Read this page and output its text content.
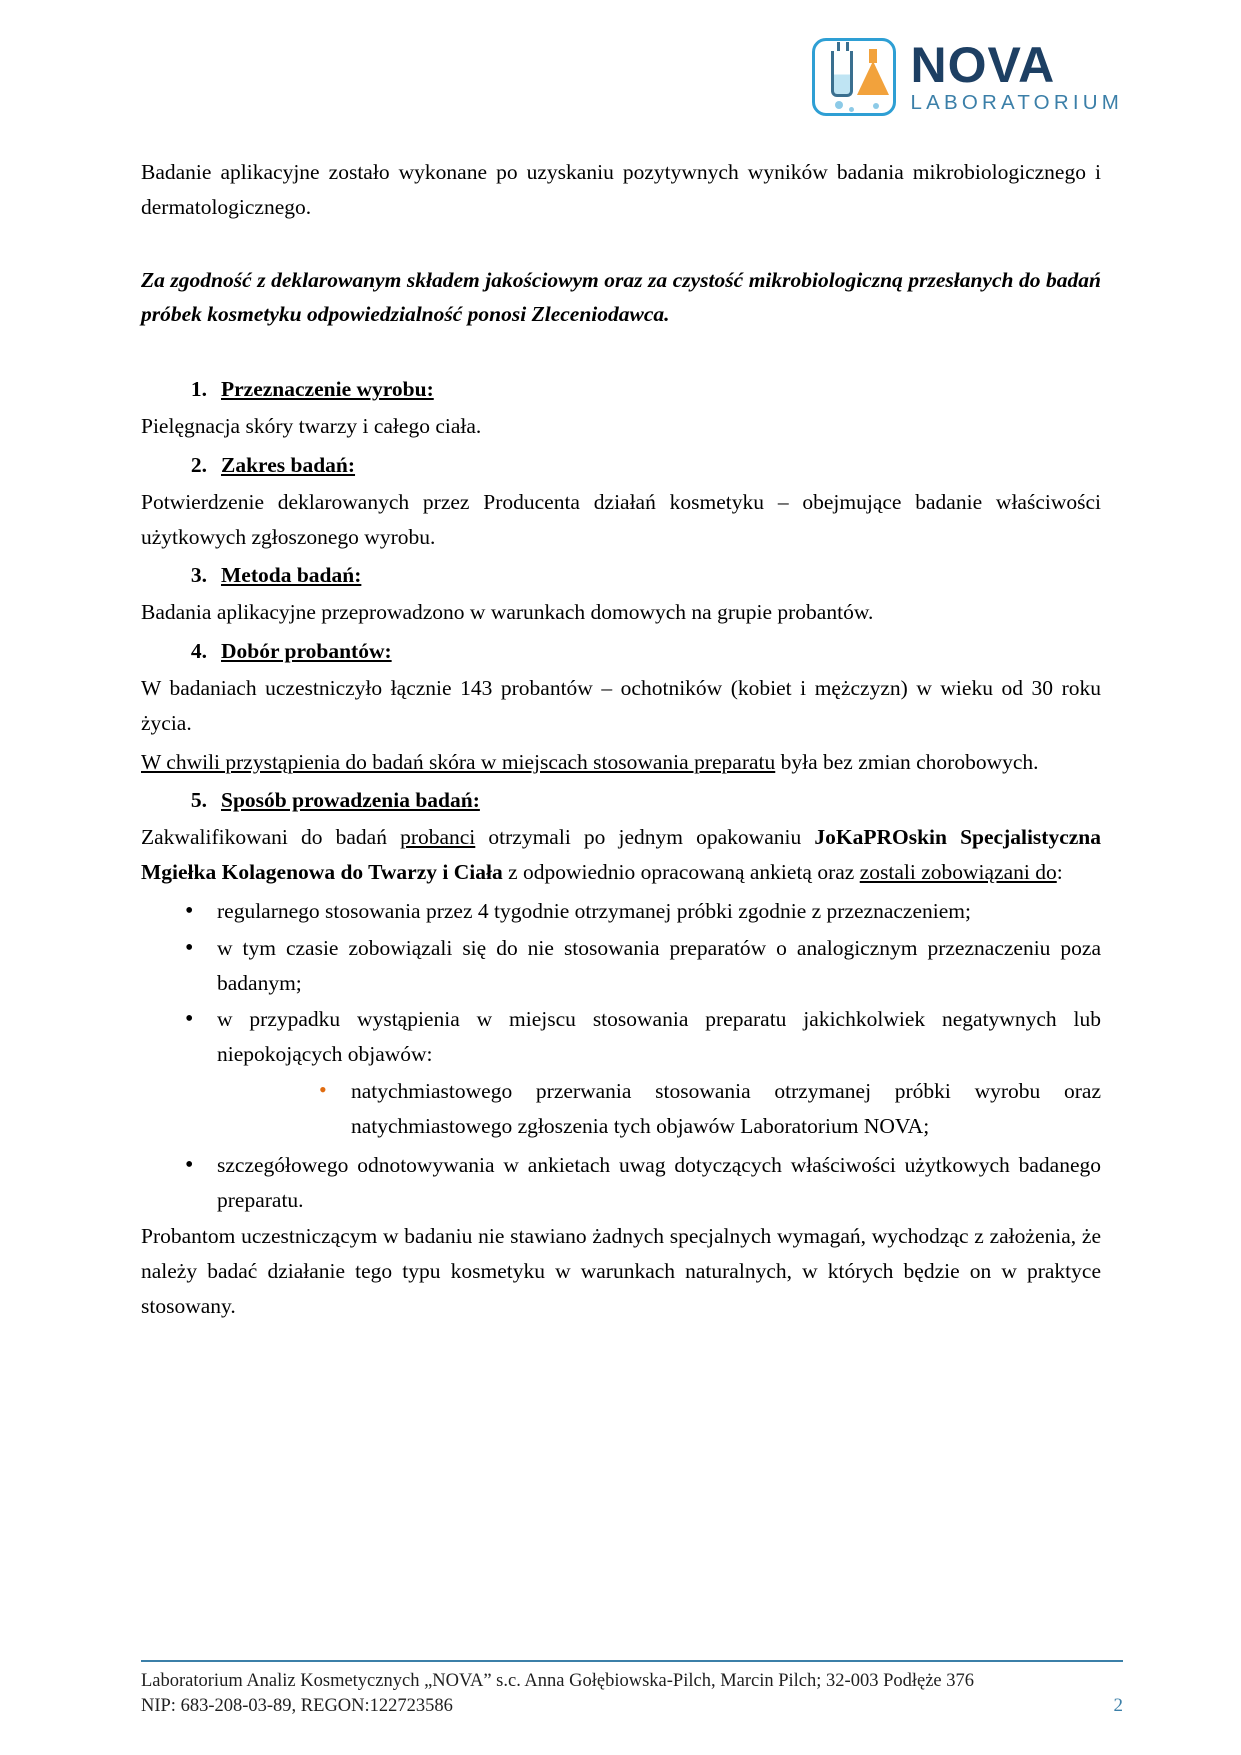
NOVA
LABORATORIUM

Badanie aplikacyjne zostało wykonane po uzyskaniu pozytywnych wyników badania mikrobiologicznego i dermatologicznego.

Za zgodność z deklarowanym składem jakościowym oraz za czystość mikrobiologiczną przesłanych do badań próbek kosmetyku odpowiedzialność ponosi Zleceniodawca.

1. Przeznaczenie wyrobu:

Pielęgnacja skóry twarzy i całego ciała.

2. Zakres badań:

Potwierdzenie deklarowanych przez Producenta działań kosmetyku – obejmujące badanie właściwości użytkowych zgłoszonego wyrobu.

3. Metoda badań:

Badania aplikacyjne przeprowadzono w warunkach domowych na grupie probantów.

4. Dobór probantów:

W badaniach uczestniczyło łącznie 143 probantów – ochotników (kobiet i mężczyzn) w wieku od 30 roku życia.

W chwili przystąpienia do badań skóra w miejscach stosowania preparatu była bez zmian chorobowych.

5. Sposób prowadzenia badań:

Zakwalifikowani do badań probanci otrzymali po jednym opakowaniu JoKaPROskin Specjalistyczna Mgiełka Kolagenowa do Twarzy i Ciała z odpowiednio opracowaną ankietą oraz zostali zobowiązani do:

• regularnego stosowania przez 4 tygodnie otrzymanej próbki zgodnie z przeznaczeniem;
• w tym czasie zobowiązali się do nie stosowania preparatów o analogicznym przeznaczeniu poza badanym;
• w przypadku wystąpienia w miejscu stosowania preparatu jakichkolwiek negatywnych lub niepokojących objawów:
• natychmiastowego przerwania stosowania otrzymanej próbki wyrobu oraz natychmiastowego zgłoszenia tych objawów Laboratorium NOVA;
• szczegółowego odnotowywania w ankietach uwag dotyczących właściwości użytkowych badanego preparatu.

Probantom uczestniczącym w badaniu nie stawiano żadnych specjalnych wymagań, wychodząc z założenia, że należy badać działanie tego typu kosmetyku w warunkach naturalnych, w których będzie on w praktyce stosowany.

Laboratorium Analiz Kosmetycznych „NOVA” s.c. Anna Gołębiowska-Pilch, Marcin Pilch; 32-003 Podłęże 376
NIP: 683-208-03-89, REGON:122723586	2
